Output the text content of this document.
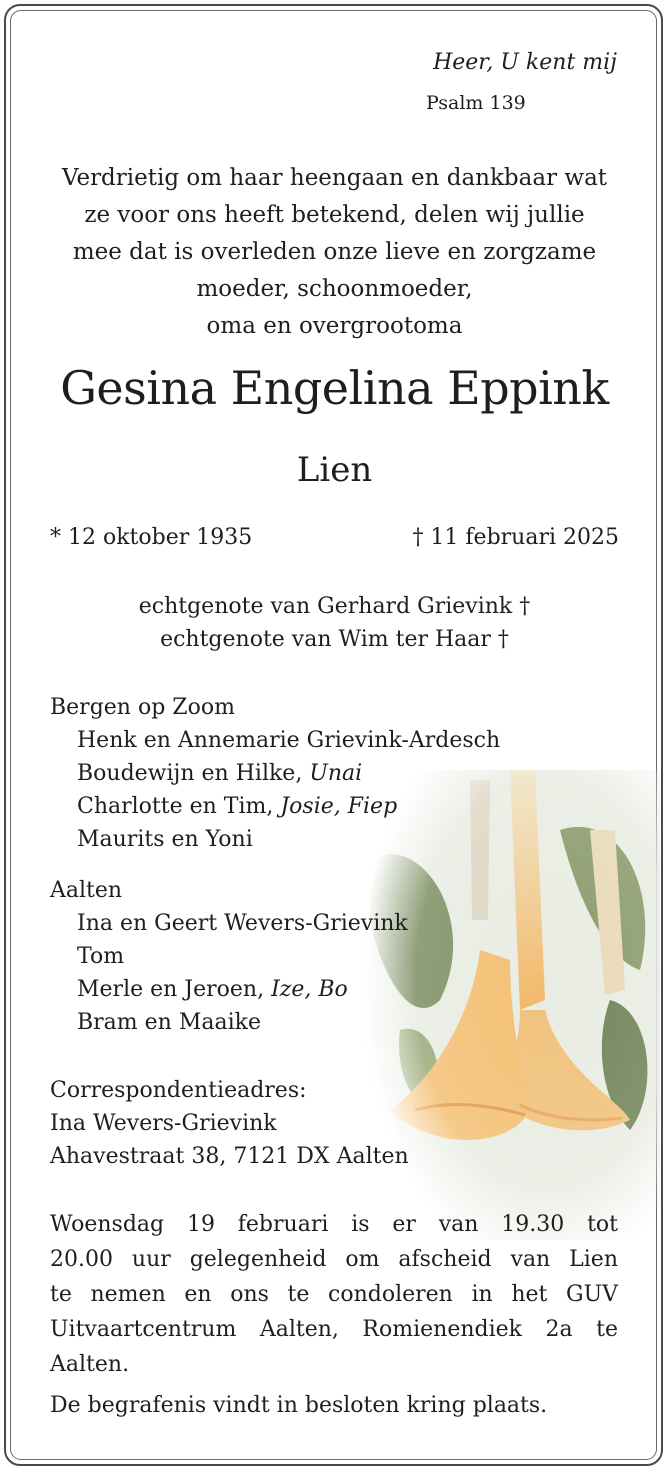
Heer, U kent mij
Psalm 139
Verdrietig om haar heengaan en dankbaar wat
ze voor ons heeft betekend, delen wij jullie
mee dat is overleden onze lieve en zorgzame
moeder, schoonmoeder,
oma en overgrootoma
Gesina Engelina Eppink
Lien
* 12 oktober 1935	† 11 februari 2025
echtgenote van Gerhard Grievink †
echtgenote van Wim ter Haar †
Bergen op Zoom
Henk en Annemarie Grievink-Ardesch
Boudewijn en Hilke, Unai
Charlotte en Tim, Josie, Fiep
Maurits en Yoni
Aalten
Ina en Geert Wevers-Grievink
Tom
Merle en Jeroen, Ize, Bo
Bram en Maaike
Correspondentieadres:
Ina Wevers-Grievink
Ahavestraat 38, 7121 DX Aalten
Woensdag 19 februari is er van 19.30 tot
20.00 uur gelegenheid om afscheid van Lien
te nemen en ons te condoleren in het GUV
Uitvaartcentrum Aalten, Romienendiek 2a te
Aalten.
De begrafenis vindt in besloten kring plaats.
